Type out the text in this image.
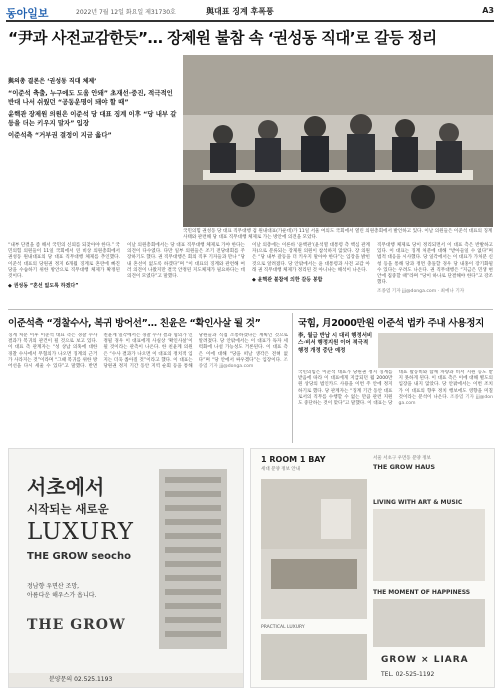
동아일보	2022년 7월 12일 화요일 제31730호	與대표 징계 후폭풍	A3
“尹과 사전교감한듯”… 장제원 불참 속 ‘권성동 직대’로 갈등 정리
與의총 결론은 ‘권성동 직대 체제’
“이준석 축출, 누구에도 도움 안돼” 초재선·중진, 적극적인 반대 나서 쉬웠던 “공동운명이 돼야 할 때”
윤핵관 장제원 의원은 이준석 당 대표 징계 이후 “당 내부 갈등을 더는 키우지 말자” 입장
이준석측 “거부권 결정이 지금 옳다”
국민의힘 권성동 당 대표 직무대행 겸 원내대표(가운데)가 11일 서울 여의도 국회에서 열린 의원총회에서 발언하고 있다. 이날 의원들은 이준석 대표의 징계 사태와 관련해 당 대표 직무대행 체제로 가는 방안에 의견을 모았다.
“내부 단결을 좀 해서 국민의 신뢰를 되찾아야 한다.” 국민의힘 의원들이 11일 국회에서 연 비상 의원총회에서 권성동 원내대표의 당 대표 직무대행 체제를 추인했다. 이준석 대표의 당원권 정지 6개월 징계로 혼란에 빠진 당을 수습하기 위한 방안으로 직무대행 체제가 확정된 것이다.
◆ 권성동 “혼선 없도록 하겠다”
이날 의원총회에서는 당 대표 직무대행 체제로 가야 한다는 의견이 다수였다. 다만 일부 의원들은 조기 전당대회를 주장하기도 했다. 권 직무대행은 회의 직후 기자들과 만나 “당내 혼선이 없도록 하겠다”며 “이 대표의 징계와 관련해 여러 의견이 나왔지만 결국 안정된 지도체제가 필요하다는 데 의견이 모였다”고 말했다.
이날 의총에는 이른바 ‘윤핵관’(윤석열 대통령 측 핵심 관계자)으로 분류되는 장제원 의원이 참석하지 않았다. 장 의원은 “당 내부 갈등을 더 키우지 말아야 한다”는 입장을 밝힌 것으로 알려졌다. 당 안팎에서는 윤 대통령과 사전 교감 아래 권 직무대행 체제가 정리된 것 아니냐는 해석이 나온다.
◆ 윤핵관 불참에 의한 갈등 봉합
직무대행 체제로 당이 정리되면서 이 대표 측은 반발하고 있다. 이 대표는 징계 처분에 대해 “받아들일 수 없다”며 법적 대응을 시사했다. 당 일각에서는 이 대표가 가처분 신청 등을 통해 당과 정면 충돌할 경우 당 내홍이 장기화될 수 있다는 우려도 나온다. 권 직무대행은 “지금은 민생 현안에 집중할 때”라며 “당이 하나로 단결해야 한다”고 강조했다.
조종엽 기자 jjj@donga.com · 최예나 기자
이준석측 “경찰수사, 복귀 방어선”… 친윤은 “확인사살 될 것”
징계 처분 이후 이준석 대표 측은 경찰 수사 결과가 복귀의 관건이 될 것으로 보고 있다. 이 대표 측 관계자는 “성 상납 의혹에 대한 경찰 수사에서 무혐의가 나오면 징계의 근거가 사라지는 것”이라며 “그때 복귀를 위한 방어선을 다시 세울 수 있다”고 말했다. 반면 친윤계 일각에서는 경찰 수사 결과 혐의가 인정될 경우 이 대표에게 사실상 ‘확인사살’이 될 것이라는 관측이 나온다. 한 친윤계 의원은 “수사 결과가 나오면 이 대표의 정치적 입지는 더욱 좁아질 것”이라고 했다. 이 대표는 당원권 정지 기간 동안 지역 순회 등을 통해 당원들과 직접 소통하겠다는 계획인 것으로 알려졌다. 당 안팎에서는 이 대표가 독자 세력화에 나설 가능성도 거론된다. 이 대표 측은 이에 대해 “당을 떠날 생각은 전혀 없다”며 “당 안에서 싸우겠다”는 입장이다. 조종엽 기자 jjj@donga.com
국힘, 月2000만원 이준석 법카 주내 사용정지
李, 월급 반납 시 대리 행정서비스·비서 행정지원 이어 적극적 행정 개정 중단 예정
국민의힘은 이준석 대표가 당원권 정지 징계를 받음에 따라 이 대표에게 지급되던 월 2000만 원 상당의 법인카드 사용을 이번 주 안에 정지하기로 했다. 당 관계자는 “징계 기간 동안 대표로서의 직무를 수행할 수 없는 만큼 관련 지원도 중단하는 것이 맞다”고 말했다. 이 대표는 당 대표 활동비와 함께 차량과 비서 지원 등도 받지 못하게 된다. 이 대표 측은 이에 대해 별도의 입장을 내지 않았다. 당 안팎에서는 이번 조치가 이 대표의 향후 정치 행보에도 영향을 미칠 것이라는 분석이 나온다. 조종엽 기자 jjj@donga.com
서초에서
시작되는 새로운
LUXURY
THE GROW seocho
정남향 우면산 조망,
아름다운 해우스가 옵니다.
THE GROW
분양문의 02.525.1193
1 ROOM 1 BAY
세대 분양 정보 안내
서울 서초구 우면동 분양 정보
THE GROW HAUS
LIVING WITH ART & MUSIC
THE MOMENT OF HAPPINESS
PRACTICAL LUXURY
GROW × LIARA
TEL. 02-525-1192
